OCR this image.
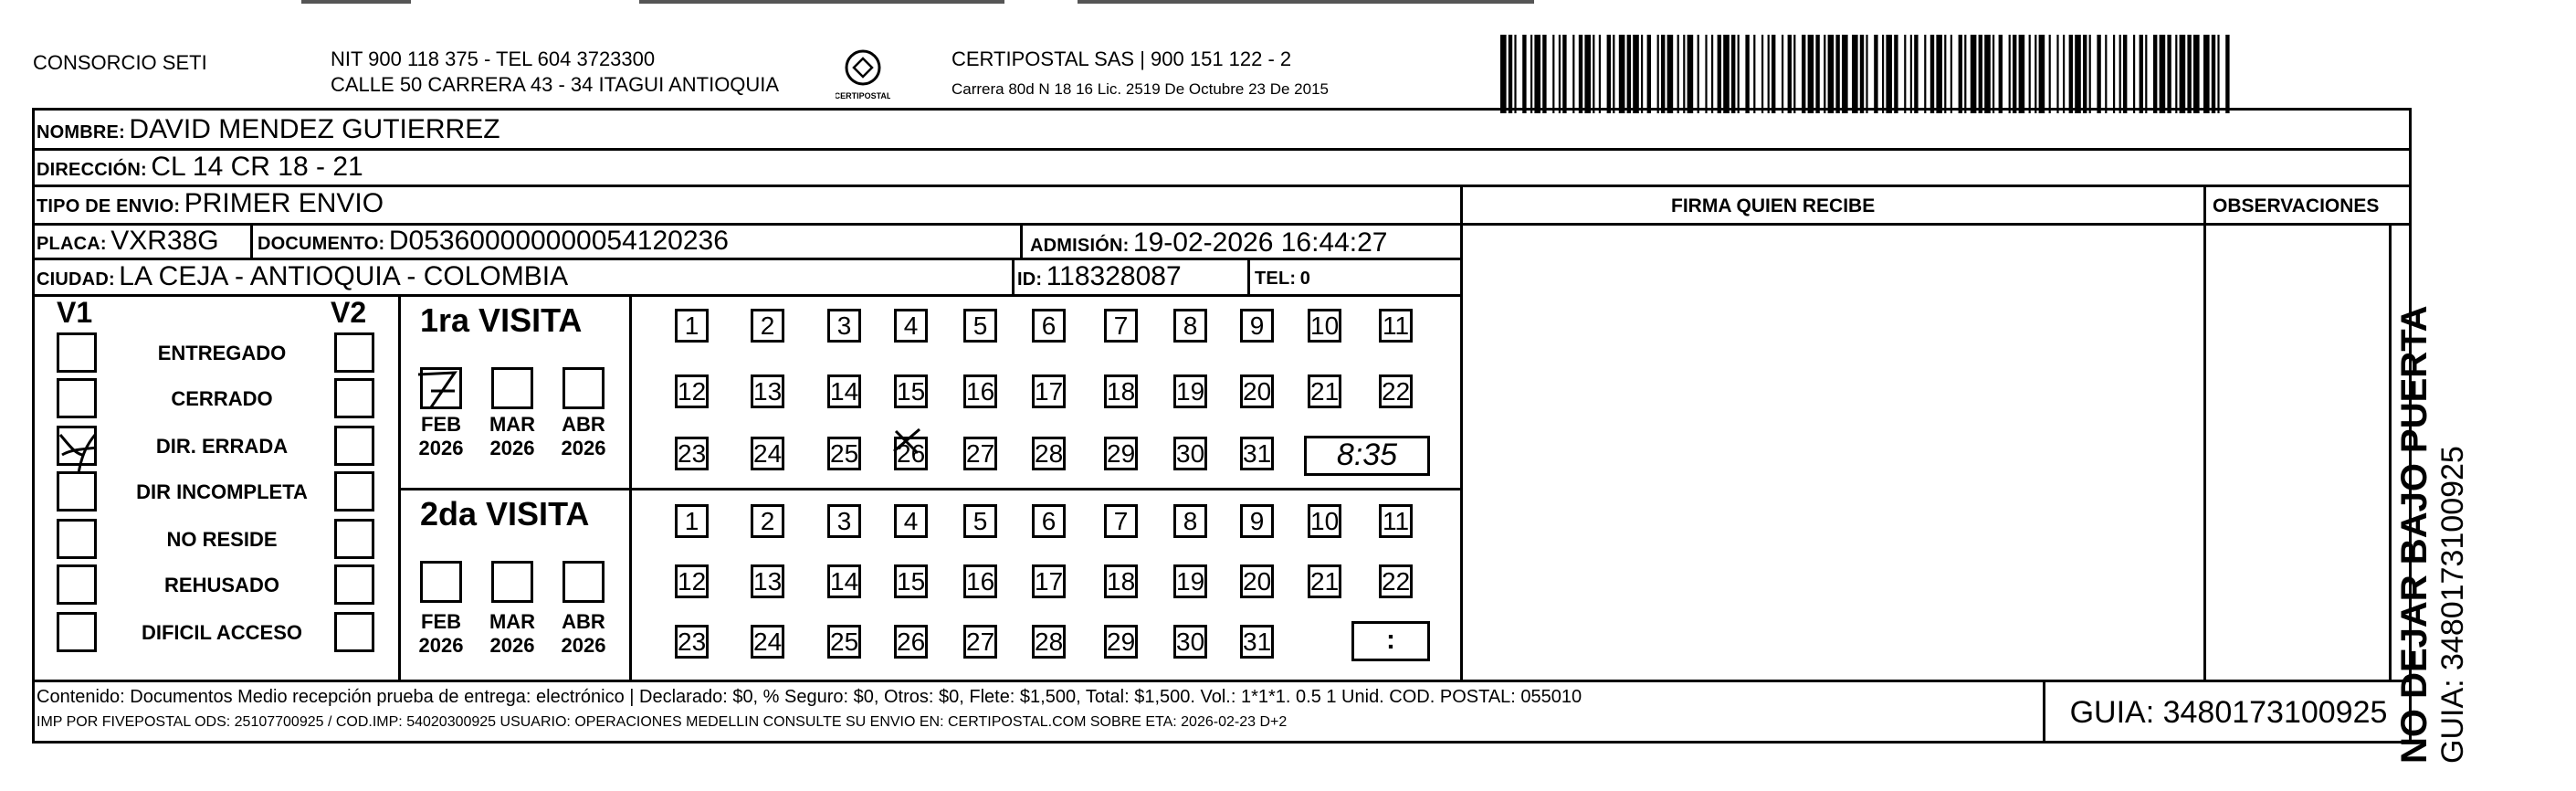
CONSORCIO SETI	NIT 900 118 375 - TEL 604 3723300
CALLE 50 CARRERA 43 - 34 ITAGUI ANTIOQUIA	CERTIPOSTAL
CERTIPOSTAL SAS | 900 151 122 - 2
Carrera 80d N 18 16 Lic. 2519 De Octubre 23 De 2015
NOMBRE: DAVID MENDEZ GUTIERREZ
DIRECCIÓN: CL 14 CR 18 - 21
TIPO DE ENVIO: PRIMER ENVIO
PLACA: VXR38G DOCUMENTO: D053600000000054120236	ADMISIÓN: 19-02-2026 16:44:27
CIUDAD: LA CEJA - ANTIOQUIA - COLOMBIA	ID: 118328087	TEL: 0
FIRMA QUIEN RECIBE	OBSERVACIONES
V1	V2
ENTREGADO
CERRADO
DIR. ERRADA
DIR INCOMPLETA
NO RESIDE
REHUSADO
DIFICIL ACCESO
1ra VISITA
2da VISITA
FEB
2026
MAR
2026
ABR
2026
1	2	3	4	5	6	7	8	9	10 11
12 13 14 15 16 17 18 19 20 21 22
23 24 25 26 27 28 29 30 31	8:35
FEB
2026
MAR
2026
ABR
2026
1	2	3	4	5	6	7	8	9	10 11
12 13 14 15 16 17 18 19 20 21 22
23 24 25 26 27 28 29 30 31	:	NO DEJAR BAJO PUERTA GUIA: 3480173100925
Contenido: Documentos Medio recepción prueba de entrega: electrónico | Declarado: $0, % Seguro: $0, Otros: $0, Flete: $1,500, Total: $1,500. Vol.: 1*1*1. 0.5 1 Unid. COD. POSTAL: 055010
IMP POR FIVEPOSTAL ODS: 25107700925 / COD.IMP: 54020300925 USUARIO: OPERACIONES MEDELLIN CONSULTE SU ENVIO EN: CERTIPOSTAL.COM SOBRE ETA: 2026-02-23 D+2	GUIA: 3480173100925
